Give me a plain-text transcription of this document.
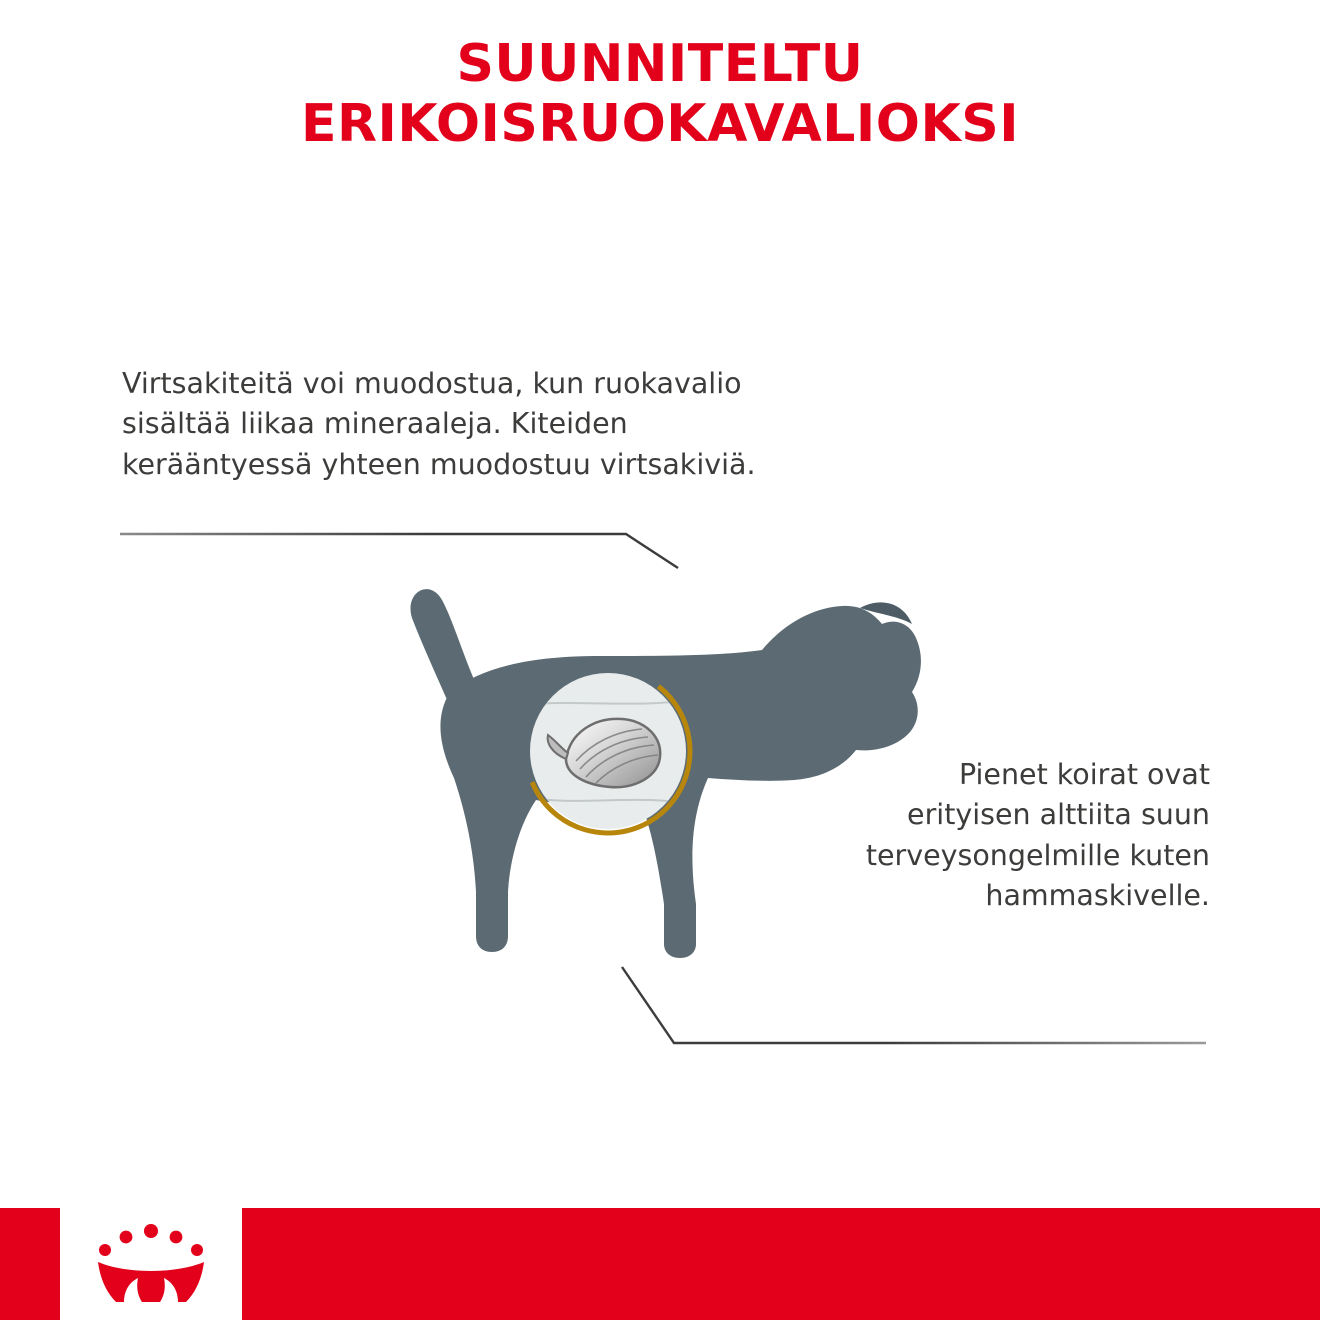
SUUNNITELTU
ERIKOISRUOKAVALIOKSI
Virtsakiteitä voi muodostua, kun ruokavalio sisältää liikaa mineraaleja. Kiteiden kerääntyessä yhteen muodostuu virtsakiviä.
Pienet koirat ovat erityisen alttiita suun terveysongelmille kuten hammaskivelle.
